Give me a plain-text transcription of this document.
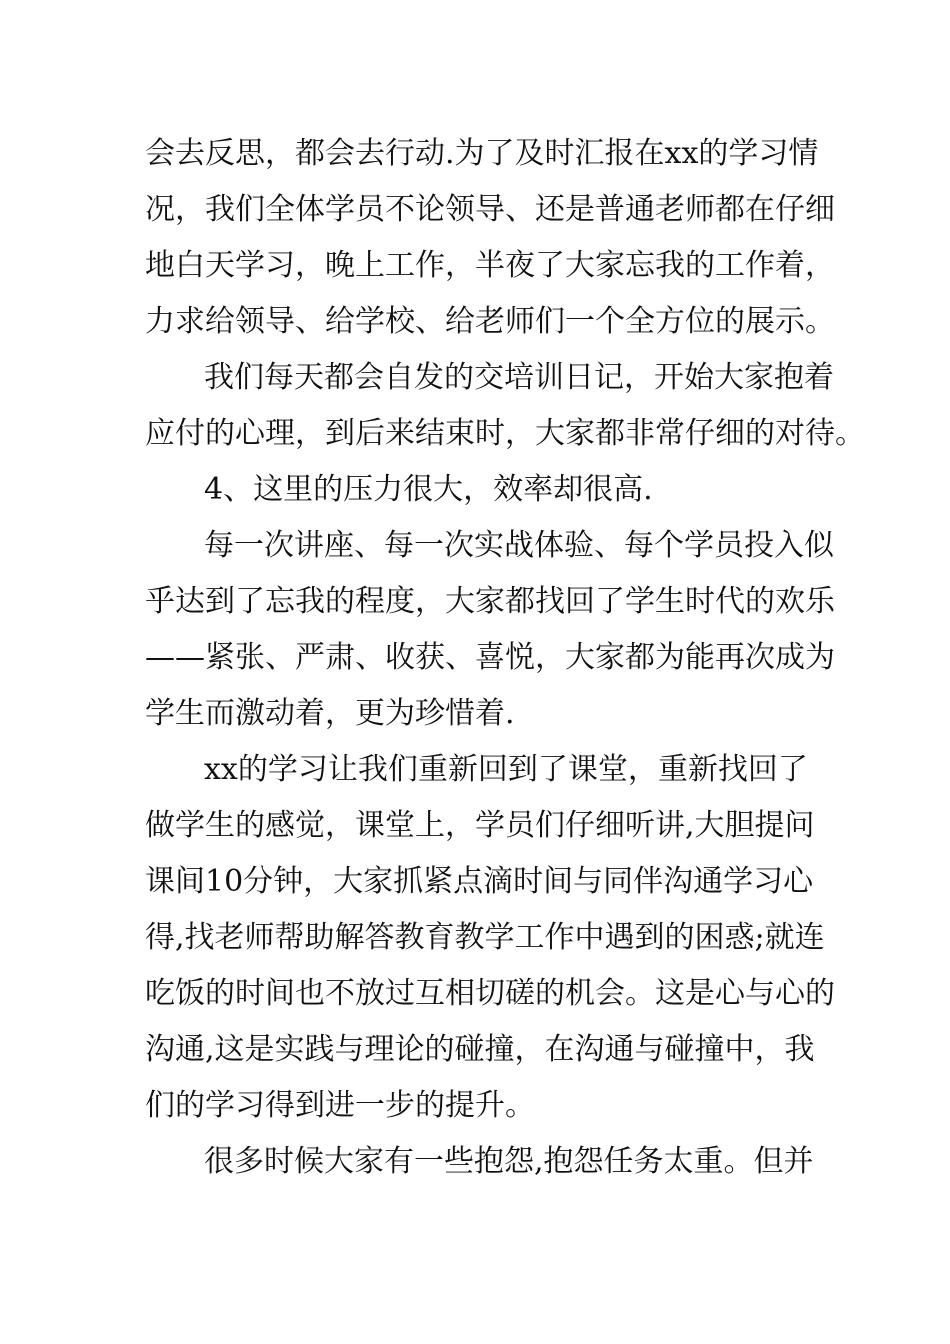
会去反思，都会去行动.为了及时汇报在xx的学习情
况，我们全体学员不论领导、还是普通老师都在仔细
地白天学习，晚上工作，半夜了大家忘我的工作着，
力求给领导、给学校、给老师们一个全方位的展示。
我们每天都会自发的交培训日记，开始大家抱着
应付的心理，到后来结束时，大家都非常仔细的对待。
4、这里的压力很大，效率却很高.
每一次讲座、每一次实战体验、每个学员投入似
乎达到了忘我的程度，大家都找回了学生时代的欢乐
——紧张、严肃、收获、喜悦，大家都为能再次成为
学生而激动着，更为珍惜着.
xx的学习让我们重新回到了课堂，重新找回了
做学生的感觉，课堂上，学员们仔细听讲,大胆提问
课间10分钟，大家抓紧点滴时间与同伴沟通学习心
得,找老师帮助解答教育教学工作中遇到的困惑;就连
吃饭的时间也不放过互相切磋的机会。这是心与心的
沟通,这是实践与理论的碰撞，在沟通与碰撞中，我
们的学习得到进一步的提升。
很多时候大家有一些抱怨,抱怨任务太重。但并
